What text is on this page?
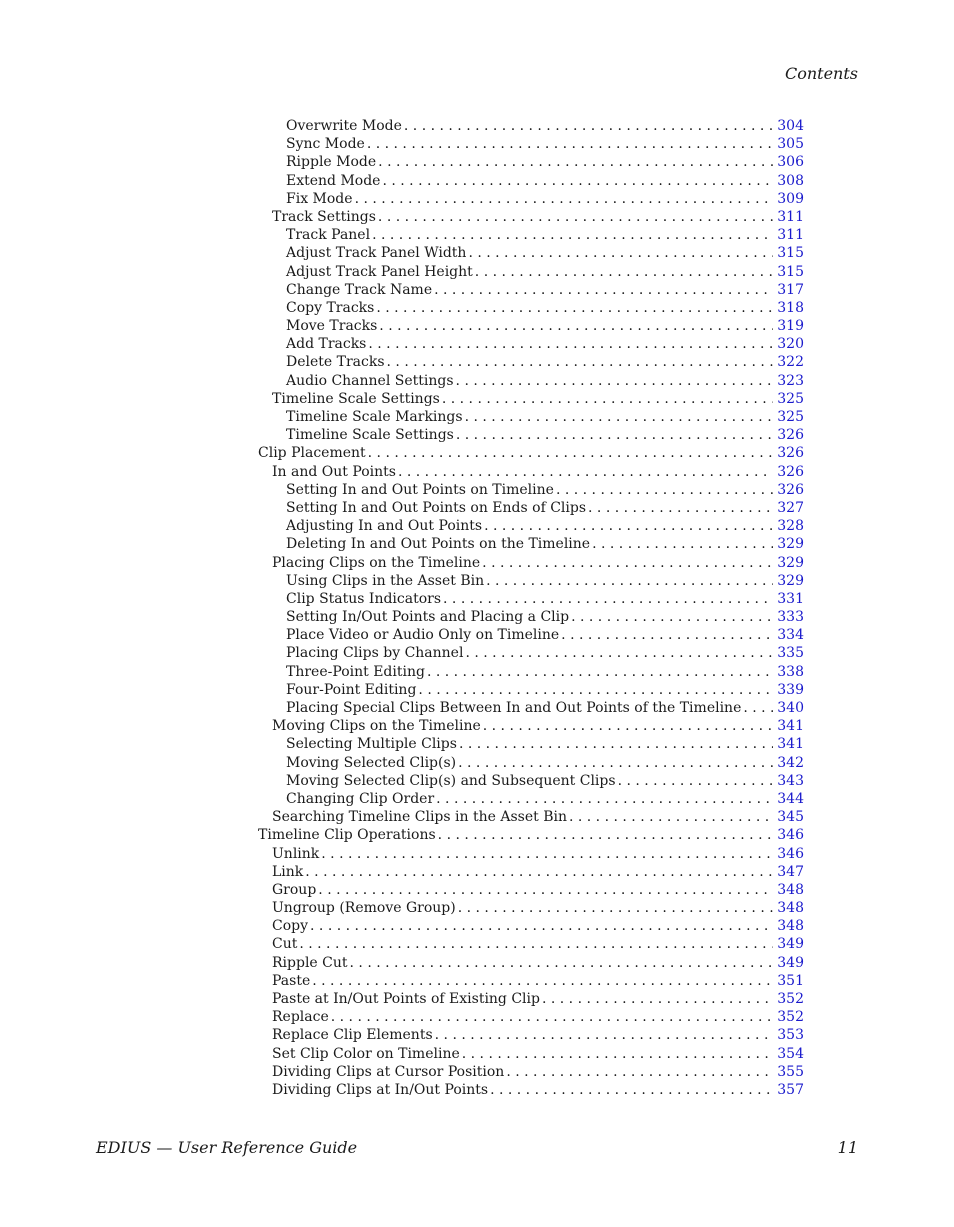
Contents
Overwrite Mode . . .	304
Sync Mode . . .	305
Ripple Mode . . .	306
Extend Mode . . .	308
Fix Mode . . .	309
Track Settings . . .	311
Track Panel . . .	311
Adjust Track Panel Width . . .	315
Adjust Track Panel Height . . .	315
Change Track Name . . .	317
Copy Tracks . . .	318
Move Tracks . . .	319
Add Tracks . . .	320
Delete Tracks . . .	322
Audio Channel Settings . . .	323
Timeline Scale Settings . . .	325
Timeline Scale Markings . . .	325
Timeline Scale Settings . . .	326
Clip Placement . . .	326
In and Out Points . . .	326
Setting In and Out Points on Timeline . . .	326
Setting In and Out Points on Ends of Clips . . .	327
Adjusting In and Out Points . . .	328
Deleting In and Out Points on the Timeline . . .	329
Placing Clips on the Timeline . . .	329
Using Clips in the Asset Bin . . .	329
Clip Status Indicators . . .	331
Setting In/Out Points and Placing a Clip . . .	333
Place Video or Audio Only on Timeline . . .	334
Placing Clips by Channel . . .	335
Three-Point Editing . . .	338
Four-Point Editing . . .	339
Placing Special Clips Between In and Out Points of the Timeline . . .	340
Moving Clips on the Timeline . . .	341
Selecting Multiple Clips . . .	341
Moving Selected Clip(s) . . .	342
Moving Selected Clip(s) and Subsequent Clips . . .	343
Changing Clip Order . . .	344
Searching Timeline Clips in the Asset Bin . . .	345
Timeline Clip Operations . . .	346
Unlink . . .	346
Link . . .	347
Group . . .	348
Ungroup (Remove Group) . . .	348
Copy . . .	348
Cut . . .	349
Ripple Cut . . .	349
Paste . . .	351
Paste at In/Out Points of Existing Clip . . .	352
Replace . . .	352
Replace Clip Elements . . .	353
Set Clip Color on Timeline . . .	354
Dividing Clips at Cursor Position . . .	355
Dividing Clips at In/Out Points . . .	357
EDIUS — User Reference Guide	11
